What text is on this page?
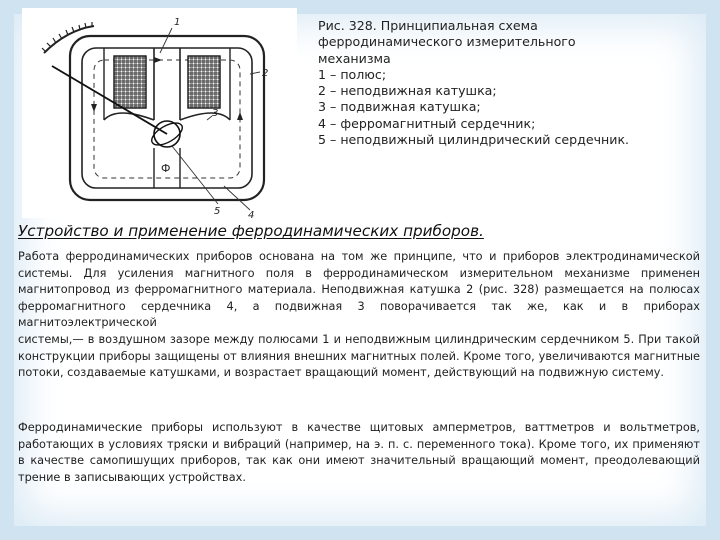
1
2
3
4
5
Ф
Рис. 328. Принципиальная схема
ферродинамического измерительного
механизма
1 – полюс;
2 – неподвижная катушка;
3 – подвижная катушка;
4 – ферромагнитный сердечник;
5 – неподвижный цилиндрический сердечник.
Устройство и применение ферродинамических приборов.
Работа ферродинамических приборов основана на том же принципе, что и приборов электродинамической системы. Для усиления магнитного поля в ферродинамическом измерительном механизме применен магнитопровод из ферромагнитного материала. Неподвижная катушка 2 (рис. 328) размещается на полюсах ферромагнитного сердечника 4, а подвижная 3 поворачивается так же, как и в приборах магнитоэлектрической
системы,— в воздушном зазоре между полюсами 1 и неподвижным цилиндрическим сердечником 5. При такой конструкции приборы защищены от влияния внешних магнитных полей. Кроме того, увеличиваются магнитные потоки, создаваемые катушками, и возрастает вращающий момент, действующий на подвижную систему.
Ферродинамические приборы используют в качестве щитовых амперметров, ваттметров и вольтметров, работающих в условиях тряски и вибраций (например, на э. п. с. переменного тока). Кроме того, их применяют в качестве самопишущих приборов, так как они имеют значительный вращающий момент, преодолевающий трение в записывающих устройствах.
